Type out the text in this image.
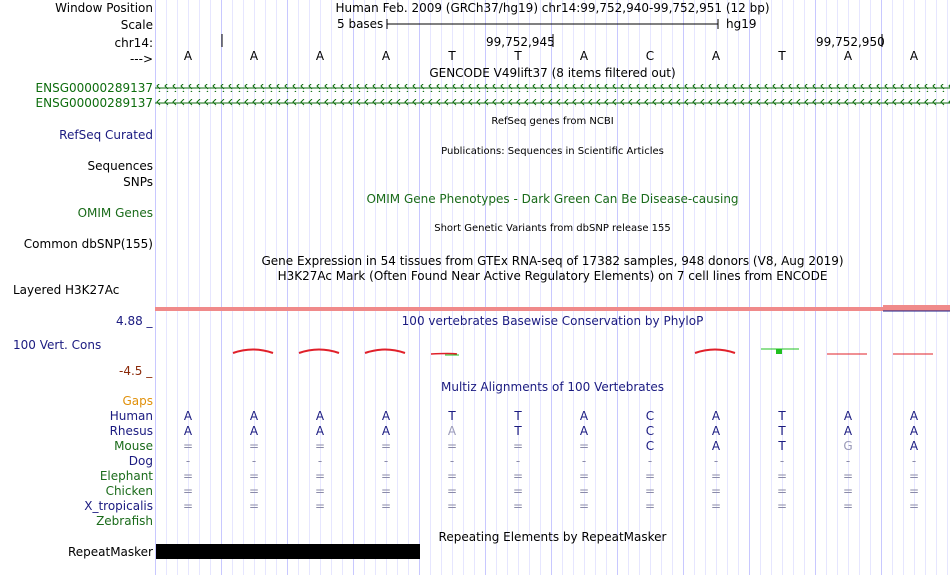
Window Position	Human Feb. 2009 (GRCh37/hg19) chr14:99,752,940-99,752,951 (12 bp)
Scale	5 bases	hg19
chr14:	99,752,945	99,752,950
--->	A	A	A	A	T	T	A	C	A	T	A	A
GENCODE V49lift37 (8 items filtered out)
ENSG00000289137
ENSG00000289137
RefSeq genes from NCBI
RefSeq Curated
Publications: Sequences in Scientific Articles
Sequences
SNPs
OMIM Gene Phenotypes - Dark Green Can Be Disease-causing
OMIM Genes
Short Genetic Variants from dbSNP release 155
Common dbSNP(155)
Gene Expression in 54 tissues from GTEx RNA-seq of 17382 samples, 948 donors (V8, Aug 2019)
H3K27Ac Mark (Often Found Near Active Regulatory Elements) on 7 cell lines from ENCODE
Layered H3K27Ac
4.88 _	100 vertebrates Basewise Conservation by PhyloP
100 Vert. Cons
-4.5 _
Multiz Alignments of 100 Vertebrates
Gaps
Human	A	A	A	A	T	T	A	C	A	T	A	A
Rhesus	A	A	A	A	A	T	A	C	A	T	A	A
Mouse	=	=	=	=	=	=	=	C	A	T	G	A
Dog	-	-	-	-	-	-	-	-	-	-	-	-
Elephant	=	=	=	=	=	=	=	=	=	=	=	=
Chicken	=	=	=	=	=	=	=	=	=	=	=	=
X_tropicalis	=	=	=	=	=	=	=	=	=	=	=	=
Zebrafish
Repeating Elements by RepeatMasker
RepeatMasker
